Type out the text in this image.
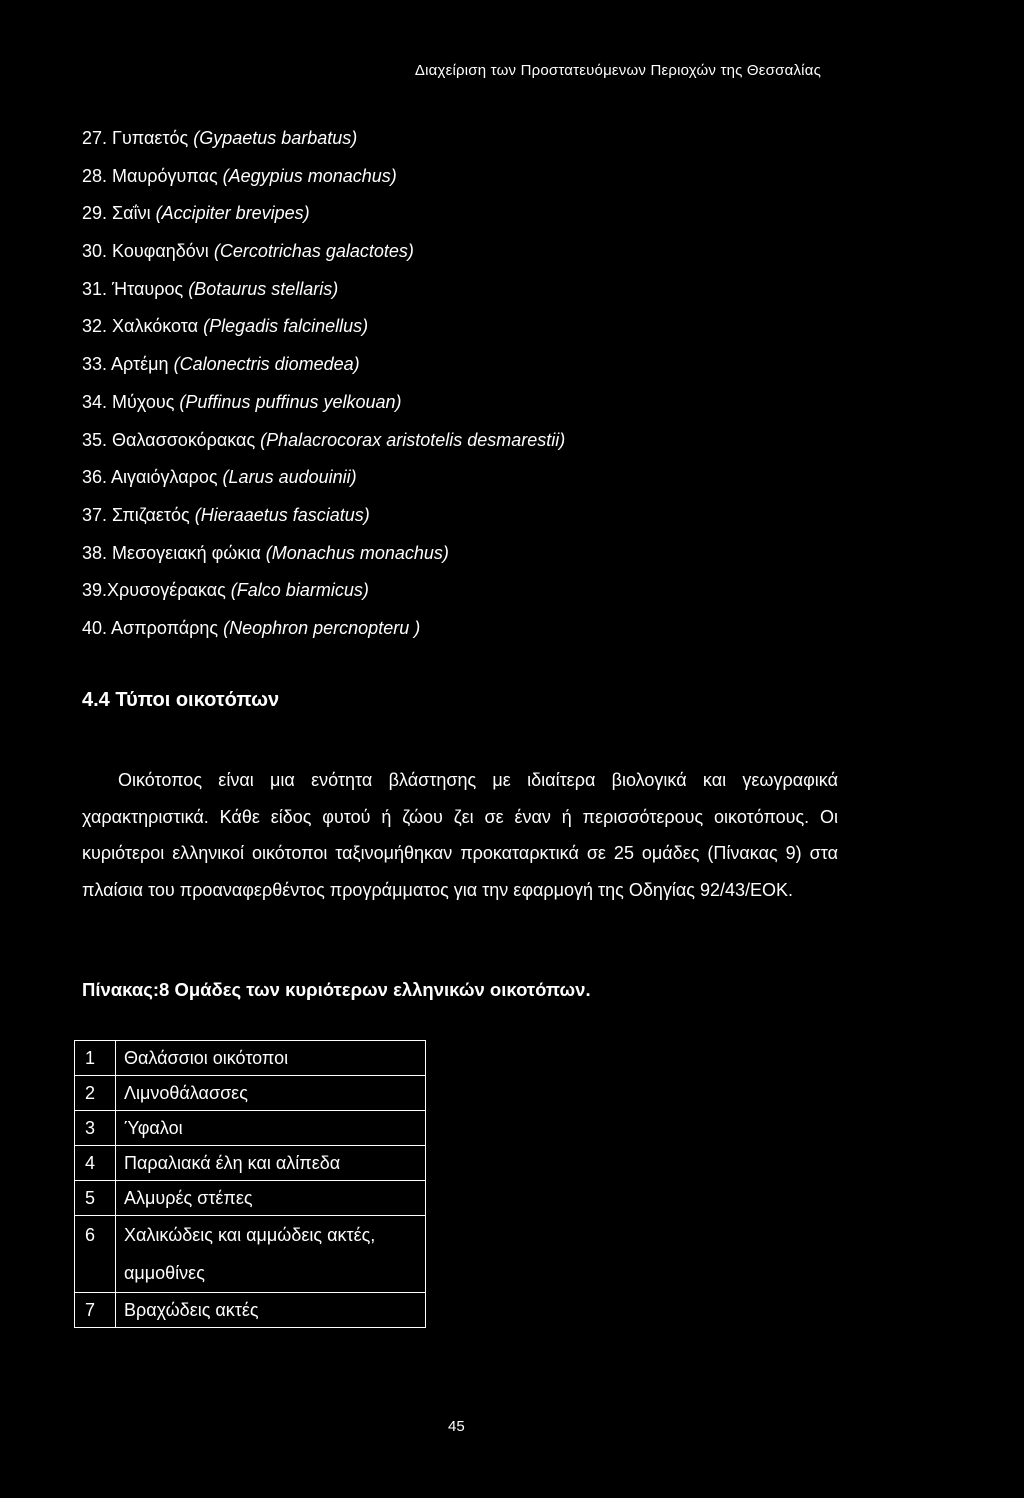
Διαχείριση των Προστατευόμενων Περιοχών της Θεσσαλίας
27. Γυπαετός (Gypaetus barbatus)
28. Μαυρόγυπας (Aegypius monachus)
29. Σαΐνι (Accipiter brevipes)
30. Κουφαηδόνι (Cercotrichas galactotes)
31. Ήταυρος (Botaurus stellaris)
32. Χαλκόκοτα (Plegadis falcinellus)
33. Αρτέμη (Calonectris diomedea)
34. Μύχους (Puffinus puffinus yelkouan)
35. Θαλασσοκόρακας (Phalacrocorax aristotelis desmarestii)
36. Αιγαιόγλαρος (Larus audouinii)
37. Σπιζαετός (Hieraaetus fasciatus)
38. Μεσογειακή φώκια (Monachus monachus)
39.Χρυσογέρακας (Falco biarmicus)
40. Ασπροπάρης (Neophron percnopteru )
4.4 Τύποι οικοτόπων

Οικότοπος είναι μια ενότητα βλάστησης με ιδιαίτερα βιολογικά και γεωγραφικά χαρακτηριστικά. Κάθε είδος φυτού ή ζώου ζει σε έναν ή περισσότερους οικοτόπους. Οι κυριότεροι ελληνικοί οικότοποι ταξινομήθηκαν προκαταρκτικά σε 25 ομάδες (Πίνακας 9) στα πλαίσια του προαναφερθέντος προγράμματος για την εφαρμογή της Οδηγίας 92/43/ΕΟΚ.

Πίνακας:8 Ομάδες των κυριότερων ελληνικών οικοτόπων.

1	Θαλάσσιοι οικότοποι
2	Λιμνοθάλασσες
3	Ύφαλοι
4	Παραλιακά έλη και αλίπεδα
5	Αλμυρές στέπες
6	Χαλικώδεις και αμμώδεις ακτές, αμμοθίνες
7	Βραχώδεις ακτές
45
